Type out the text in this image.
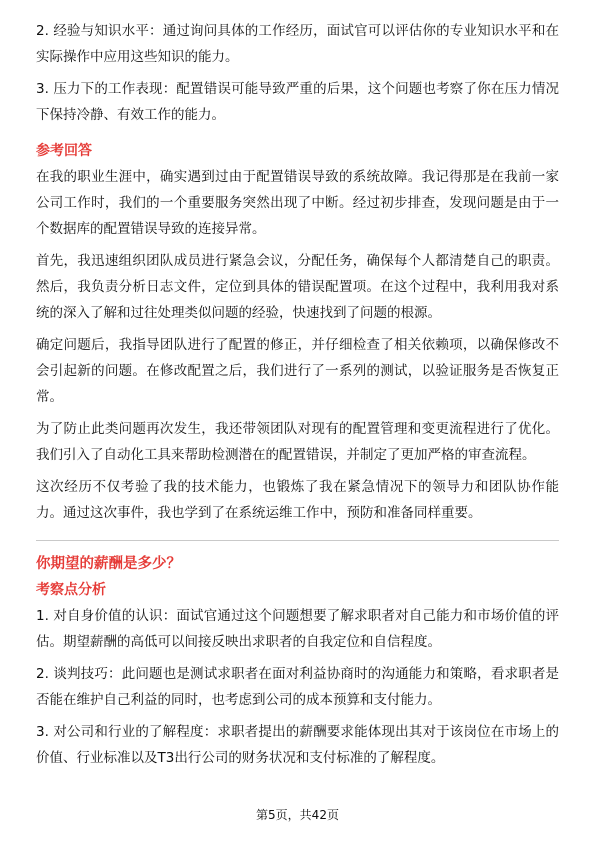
2. 经验与知识水平：通过询问具体的工作经历，面试官可以评估你的专业知识水平和在实际操作中应用这些知识的能力。

3. 压力下的工作表现：配置错误可能导致严重的后果，这个问题也考察了你在压力情况下保持冷静、有效工作的能力。

参考回答

在我的职业生涯中，确实遇到过由于配置错误导致的系统故障。我记得那是在我前一家公司工作时，我们的一个重要服务突然出现了中断。经过初步排查，发现问题是由于一个数据库的配置错误导致的连接异常。

首先，我迅速组织团队成员进行紧急会议，分配任务，确保每个人都清楚自己的职责。然后，我负责分析日志文件，定位到具体的错误配置项。在这个过程中，我利用我对系统的深入了解和过往处理类似问题的经验，快速找到了问题的根源。

确定问题后，我指导团队进行了配置的修正，并仔细检查了相关依赖项，以确保修改不会引起新的问题。在修改配置之后，我们进行了一系列的测试，以验证服务是否恢复正常。

为了防止此类问题再次发生，我还带领团队对现有的配置管理和变更流程进行了优化。我们引入了自动化工具来帮助检测潜在的配置错误，并制定了更加严格的审查流程。

这次经历不仅考验了我的技术能力，也锻炼了我在紧急情况下的领导力和团队协作能力。通过这次事件，我也学到了在系统运维工作中，预防和准备同样重要。

你期望的薪酬是多少？

考察点分析

1. 对自身价值的认识：面试官通过这个问题想要了解求职者对自己能力和市场价值的评估。期望薪酬的高低可以间接反映出求职者的自我定位和自信程度。

2. 谈判技巧：此问题也是测试求职者在面对利益协商时的沟通能力和策略，看求职者是否能在维护自己利益的同时，也考虑到公司的成本预算和支付能力。

3. 对公司和行业的了解程度：求职者提出的薪酬要求能体现出其对于该岗位在市场上的价值、行业标准以及T3出行公司的财务状况和支付标准的了解程度。

第5页，共42页
